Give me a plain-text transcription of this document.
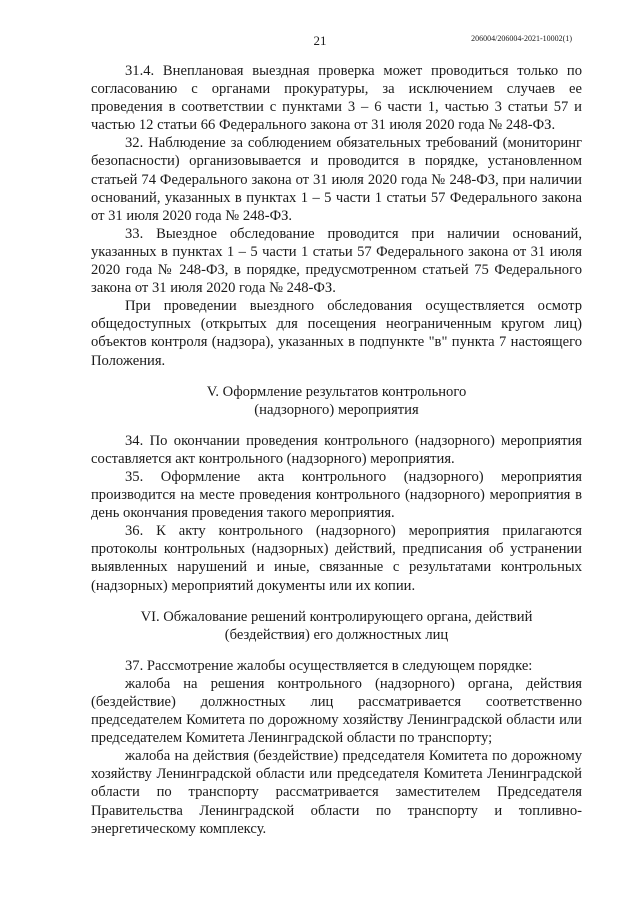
21	206004/206004-2021-10002(1)

31.4. Внеплановая выездная проверка может проводиться только по согласованию с органами прокуратуры, за исключением случаев ее проведения в соответствии с пунктами 3 – 6 части 1, частью 3 статьи 57 и частью 12 статьи 66 Федерального закона от 31 июля 2020 года № 248-ФЗ.

32. Наблюдение за соблюдением обязательных требований (мониторинг безопасности) организовывается и проводится в порядке, установленном статьей 74 Федерального закона от 31 июля 2020 года № 248-ФЗ, при наличии оснований, указанных в пунктах 1 – 5 части 1 статьи 57 Федерального закона от 31 июля 2020 года № 248-ФЗ.

33. Выездное обследование проводится при наличии оснований, указанных в пунктах 1 – 5 части 1 статьи 57 Федерального закона от 31 июля 2020 года № 248-ФЗ, в порядке, предусмотренном статьей 75 Федерального закона от 31 июля 2020 года № 248-ФЗ.

При проведении выездного обследования осуществляется осмотр общедоступных (открытых для посещения неограниченным кругом лиц) объектов контроля (надзора), указанных в подпункте "в" пункта 7 настоящего Положения.

V. Оформление результатов контрольного
(надзорного) мероприятия

34. По окончании проведения контрольного (надзорного) мероприятия составляется акт контрольного (надзорного) мероприятия.

35. Оформление акта контрольного (надзорного) мероприятия производится на месте проведения контрольного (надзорного) мероприятия в день окончания проведения такого мероприятия.

36. К акту контрольного (надзорного) мероприятия прилагаются протоколы контрольных (надзорных) действий, предписания об устранении выявленных нарушений и иные, связанные с результатами контрольных (надзорных) мероприятий документы или их копии.

VI. Обжалование решений контролирующего органа, действий
(бездействия) его должностных лиц

37. Рассмотрение жалобы осуществляется в следующем порядке:

жалоба на решения контрольного (надзорного) органа, действия (бездействие) должностных лиц рассматривается соответственно председателем Комитета по дорожному хозяйству Ленинградской области или председателем Комитета Ленинградской области по транспорту;

жалоба на действия (бездействие) председателя Комитета по дорожному хозяйству Ленинградской области или председателя Комитета Ленинградской области по транспорту рассматривается заместителем Председателя Правительства Ленинградской области по транспорту и топливно-энергетическому комплексу.
